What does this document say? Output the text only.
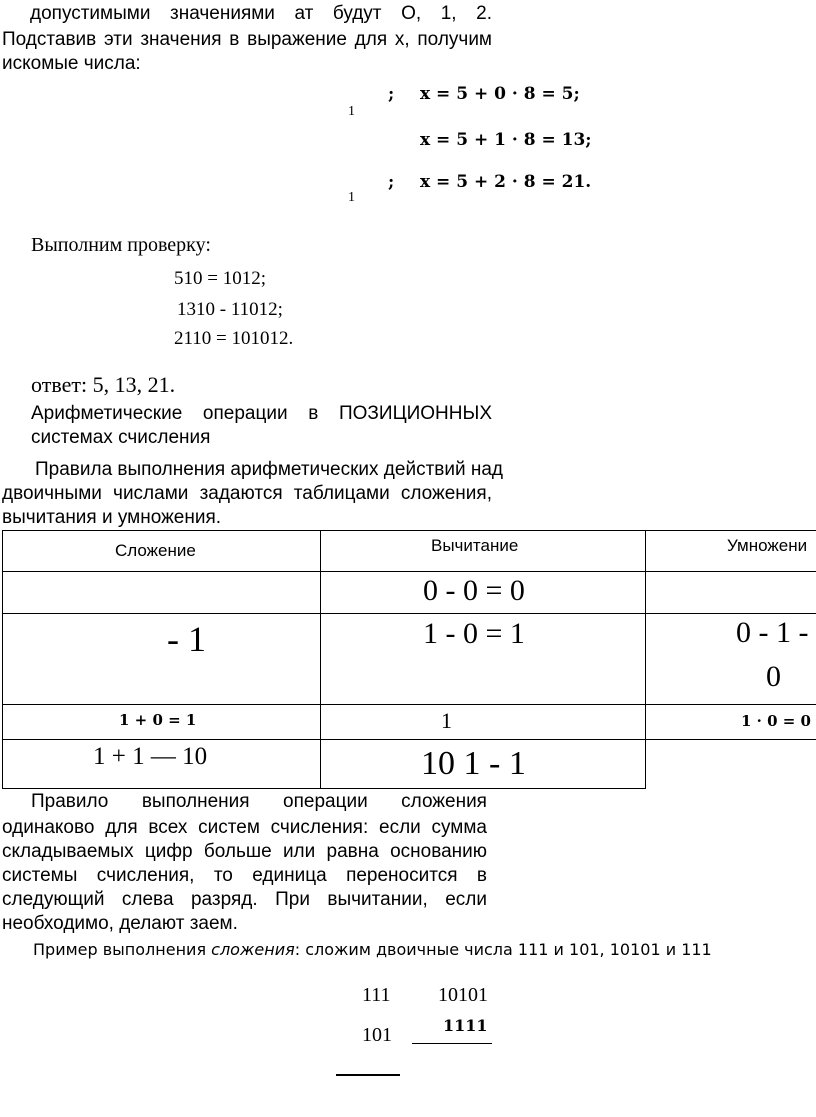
допустимыми значениями ат будут О, 1, 2.
Подставив эти значения в выражение для х, получим
искомые числа:
; x = 5 + 0 · 8 = 5;
1
x = 5 + 1 · 8 = 13;
; x = 5 + 2 · 8 = 21.
1
Выполним проверку:
510 = 1012;
1310 - 11012;
2110 = 101012.
ответ: 5, 13, 21.
Арифметические операции в ПОЗИЦИОННЫХ
системах счисления
Правила выполнения арифметических действий над
двоичными числами задаются таблицами сложения,
вычитания и умножения.
Сложение	Вычитание	Умножени

	0 - 0 = 0	

- 1	1 - 0 = 1	0 - 1 -
0

1 + 0 = 1	1	1 · 0 = 0

1 + 1 — 10	10 1 - 1	

Правило выполнения операции сложения
одинаково для всех систем счисления: если сумма
складываемых цифр больше или равна основанию
системы счисления, то единица переносится в
следующий слева разряд. При вычитании, если
необходимо, делают заем.
Пример выполнения сложения: сложим двоичные числа 111 и 101, 10101 и 111
111 10101
101	1111
